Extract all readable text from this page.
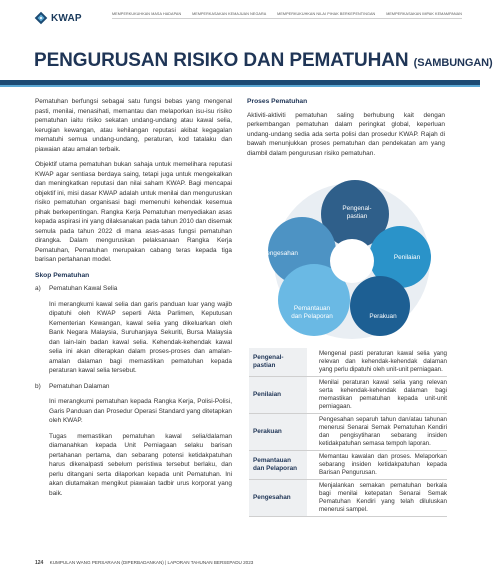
KWAP	MEMPERKUKUHKAN MASA HADAPAN	MEMPERKASAKAN KEMAJUAN NEGARA	MEMPERKUKUHKAN NILAI PIHAK BERKEPENTINGAN	MEMPERKASAKAN IMPAK KEMAMPANAN
PENGURUSAN RISIKO DAN PEMATUHAN (SAMBUNGAN)

Pematuhan berfungsi sebagai satu fungsi bebas yang mengenal pasti, menilai, menasihati, memantau dan melaporkan isu-isu risiko pematuhan iaitu risiko sekatan undang-undang atau kawal selia, kerugian kewangan, atau kehilangan reputasi akibat kegagalan mematuhi semua undang-undang, peraturan, kod tatalaku dan piawaian atau amalan terbaik.

Objektif utama pematuhan bukan sahaja untuk memelihara reputasi KWAP agar sentiasa berdaya saing, tetapi juga untuk mengekalkan dan meningkatkan reputasi dan nilai saham KWAP. Bagi mencapai objektif ini, misi dasar KWAP adalah untuk menilai dan menguruskan risiko pematuhan organisasi bagi memenuhi kehendak kesemua pihak berkepentingan. Rangka Kerja Pematuhan menyediakan asas kepada aspirasi ini yang dilaksanakan pada tahun 2010 dan disemak semula pada tahun 2022 di mana asas-asas fungsi pematuhan dirangka. Dalam menguruskan pelaksanaan Rangka Kerja Pematuhan, Pematuhan merupakan cabang teras kepada tiga barisan pertahanan model.

Skop Pematuhan
a)	Pematuhan Kawal Selia

Ini merangkumi kawal selia dan garis panduan luar yang wajib dipatuhi oleh KWAP seperti Akta Parlimen, Keputusan Kementerian Kewangan, kawal selia yang dikeluarkan oleh Bank Negara Malaysia, Suruhanjaya Sekuriti, Bursa Malaysia dan lain-lain badan kawal selia. Kehendak-kehendak kawal selia ini akan diterapkan dalam proses-proses dan amalan-amalan dalaman bagi memastikan pematuhan kepada peraturan kawal selia tersebut.

b)	Pematuhan Dalaman

Ini merangkumi pematuhan kepada Rangka Kerja, Polisi-Polisi, Garis Panduan dan Prosedur Operasi Standard yang ditetapkan oleh KWAP.

Tugas memastikan pematuhan kawal selia/dalaman diamanahkan kepada Unit Perniagaan selaku barisan pertahanan pertama, dan sebarang potensi ketidakpatuhan harus dikenalpasti sebelum peristiwa tersebut berlaku, dan perlu ditangani serta dilaporkan kepada unit Pematuhan. Ini akan diutamakan mengikut piawaian tadbir urus korporat yang baik.

Proses Pematuhan

Aktiviti-aktiviti pematuhan saling berhubung kait dengan perkembangan pematuhan dalam peringkat global, keperluan undang-undang sedia ada serta polisi dan prosedur KWAP. Rajah di bawah menunjukkan proses pematuhan dan pendekatan am yang diambil dalam pengurusan risiko pematuhan.

Pengenal-
pastian
Penilaian
Pengesahan
Perakuan
Pemantauan
dan Pelaporan
Pengenal-pastian	Mengenal pasti peraturan kawal selia yang relevan dan kehendak-kehendak dalaman yang perlu dipatuhi oleh unit-unit perniagaan.
Penilaian	Menilai peraturan kawal selia yang relevan serta kehendak-kehendak dalaman bagi memastikan pematuhan kepada unit-unit perniagaan.
Perakuan	Pengesahan separuh tahun dan/atau tahunan menerusi Senarai Semak Pematuhan Kendiri dan pengisytiharan sebarang insiden ketidakpatuhan semasa tempoh laporan.
Pemantauan dan Pelaporan	Memantau kawalan dan proses. Melaporkan sebarang insiden ketidakpatuhan kepada Barisan Pengurusan.
Pengesahan	Menjalankan semakan pematuhan berkala bagi menilai ketepatan Senarai Semak Pematuhan Kendiri yang telah diluluskan menerusi sampel.
124 KUMPULAN WANG PERSARAAN (DIPERBADANKAN) | LAPORAN TAHUNAN BERSEPADU 2023
